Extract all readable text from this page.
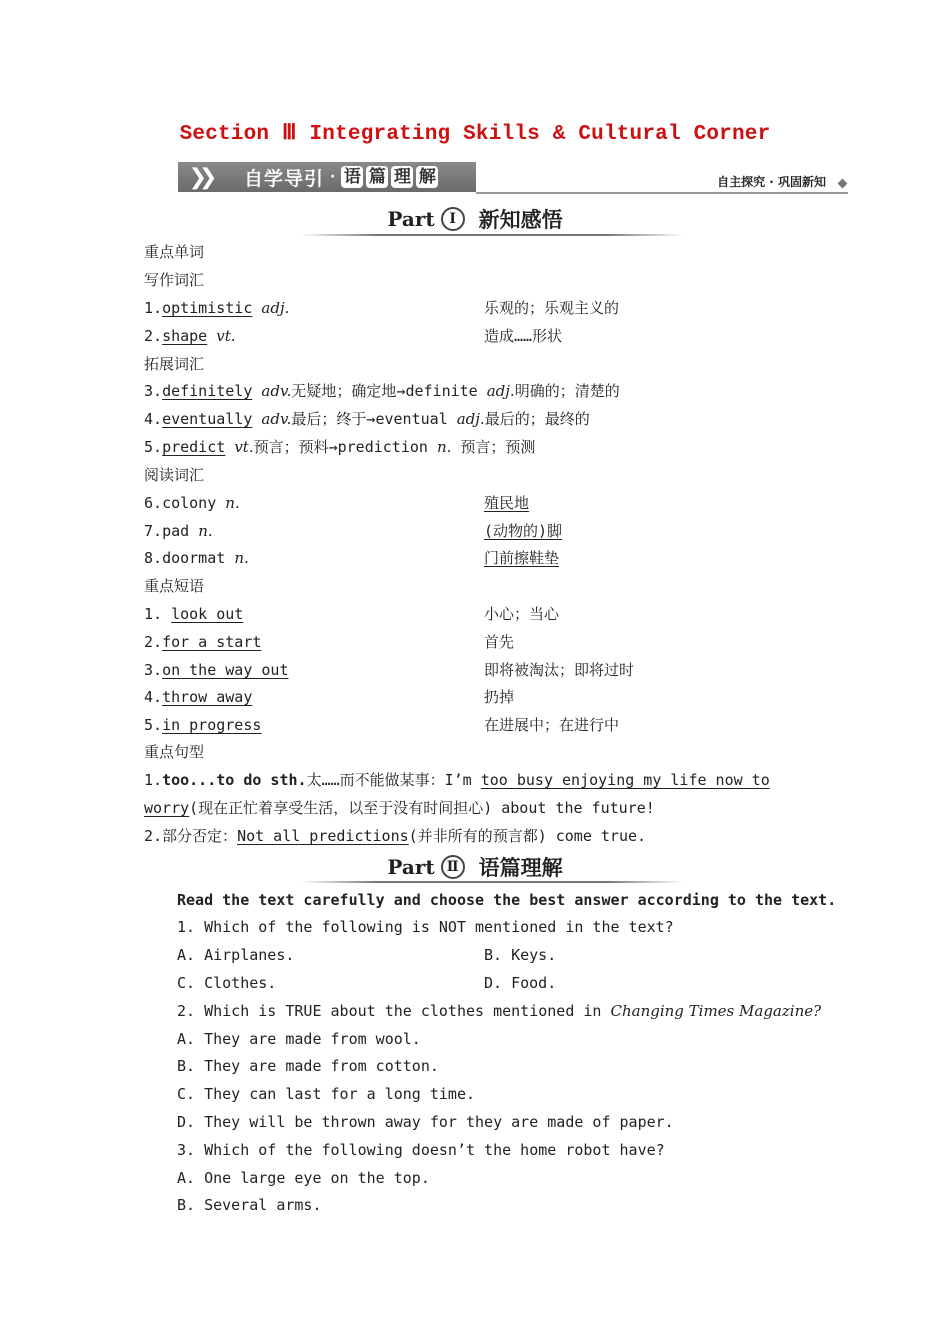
Section Ⅲ Integrating Skills & Cultural Corner
❯❯	自学导引 · 语 篇 理 解	自主探究 · 巩固新知
Part	Ⅰ	新知感悟
重点单词
写作词汇
1.optimistic adj.	乐观的；乐观主义的
2.shape vt.	造成……形状
拓展词汇
3.definitely adv.无疑地；确定地→definite adj.明确的；清楚的
4.eventually adv.最后；终于→eventual adj.最后的；最终的
5.predict vt.预言；预料→prediction n. 预言；预测
阅读词汇
6.colony n.	殖民地
7.pad n.	(动物的)脚
8.doormat n.	门前擦鞋垫
重点短语
1. look out	小心；当心
2.for a start	首先
3.on the way out	即将被淘汰；即将过时
4.throw away	扔掉
5.in progress	在进展中；在进行中
重点句型
1.too...to do sth.太……而不能做某事：I’m too busy enjoying my life now to
worry(现在正忙着享受生活，以至于没有时间担心) about the future!
2.部分否定：Not all predictions(并非所有的预言都) come true.
Part Ⅱ 语篇理解
Read the text carefully and choose the best answer according to the text.
1. Which of the following is NOT mentioned in the text?
A. Airplanes.	B. Keys.
C. Clothes.	D. Food.
2. Which is TRUE about the clothes mentioned in Changing Times Magazine?
A. They are made from wool.
B. They are made from cotton.
C. They can last for a long time.
D. They will be thrown away for they are made of paper.
3. Which of the following doesn’t the home robot have?
A. One large eye on the top.
B. Several arms.
